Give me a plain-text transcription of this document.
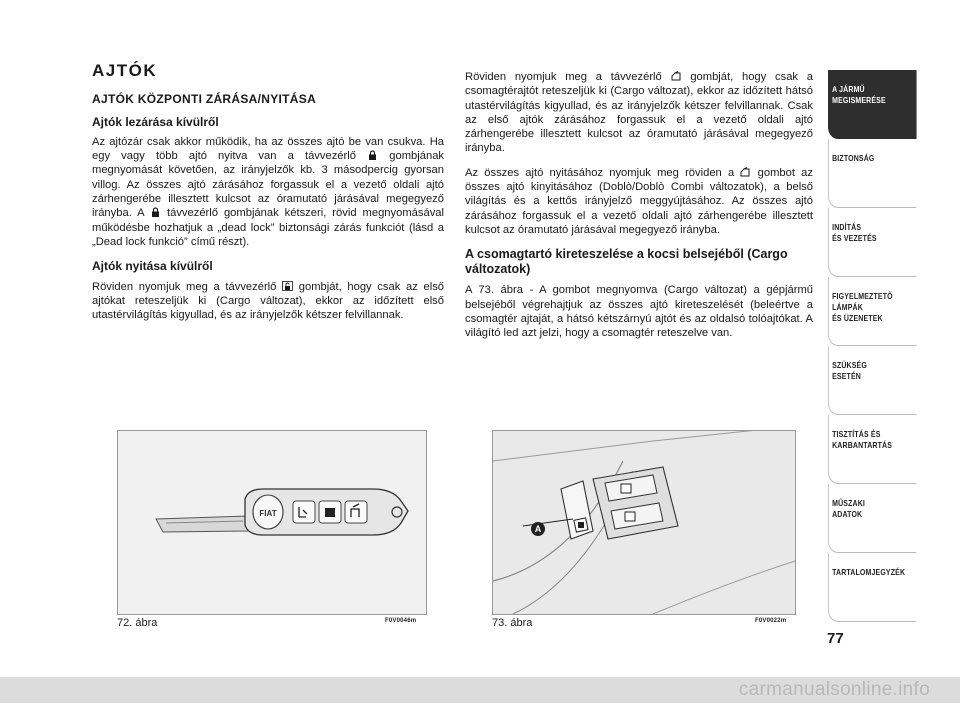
AJTÓK
AJTÓK KÖZPONTI ZÁRÁSA/NYITÁSA
Ajtók lezárása kívülről
Az ajtózár csak akkor működik, ha az összes ajtó be van csukva. Ha egy vagy több ajtó nyitva van a távvezérlő	gombjának megnyomását követően, az irányjelzők kb. 3 másodpercig gyorsan villog. Az összes ajtó zárásához forgassuk el a vezető oldali ajtó zárhengerébe illesztett kulcsot az óramutató járásával megegyező irányba. A távvezérlő gombjának kétszeri, rövid megnyomásával működésbe hozhatjuk a „dead lock” biztonsági zárás funkciót (lásd a „Dead lock funkció” című részt).
Ajtók nyitása kívülről
Röviden nyomjuk meg a távvezérlő gombját, hogy csak az első ajtókat reteszeljük ki (Cargo változat), ekkor az időzített első utastérvilágítás kigyullad, és az irányjelzők kétszer felvillannak.
Röviden nyomjuk meg a távvezérlő	gombját, hogy csak a csomagtérajtót reteszeljük ki (Cargo változat), ekkor az időzített hátsó utastérvilágítás kigyullad, és az irányjelzők kétszer felvillannak. Csak az első ajtók zárásához forgassuk el a vezető oldali ajtó zárhengerébe illesztett kulcsot az óramutató járásával megegyező irányba.
Az összes ajtó nyitásához nyomjuk meg röviden a gombot az összes ajtó kinyitásához (Doblò/Doblò Combi változatok), a belső világítás és a kettős irányjelző meggyújtásához. Az összes ajtó zárásához forgassuk el a vezető oldali ajtó zárhengerébe illesztett kulcsot az óramutató járásával megegyező irányba.
A csomagtartó kireteszelése a kocsi belsejéből (Cargo változatok)
A 73. ábra - A gombot megnyomva (Cargo változat) a gépjármű belsejéből végrehajtjuk az összes ajtó kireteszelését (beleértve a csomagtér ajtaját, a hátsó kétszárnyú ajtót és az oldalsó tolóajtókat. A világító led azt jelzi, hogy a csomagtér reteszelve van.
FIAT
72. ábra	F0V0046m
A
73. ábra	F0V0022m
A JÁRMŰ
MEGISMERÉSE
BIZTONSÁG
INDÍTÁS
ÉS VEZETÉS
FIGYELMEZTETŐ
LÁMPÁK
ÉS ÜZENETEK
SZÜKSÉG
ESETÉN
TISZTÍTÁS ÉS
KARBANTARTÁS
MŰSZAKI
ADATOK
TARTALOMJEGYZÉK
77
carmanualsonline.info
